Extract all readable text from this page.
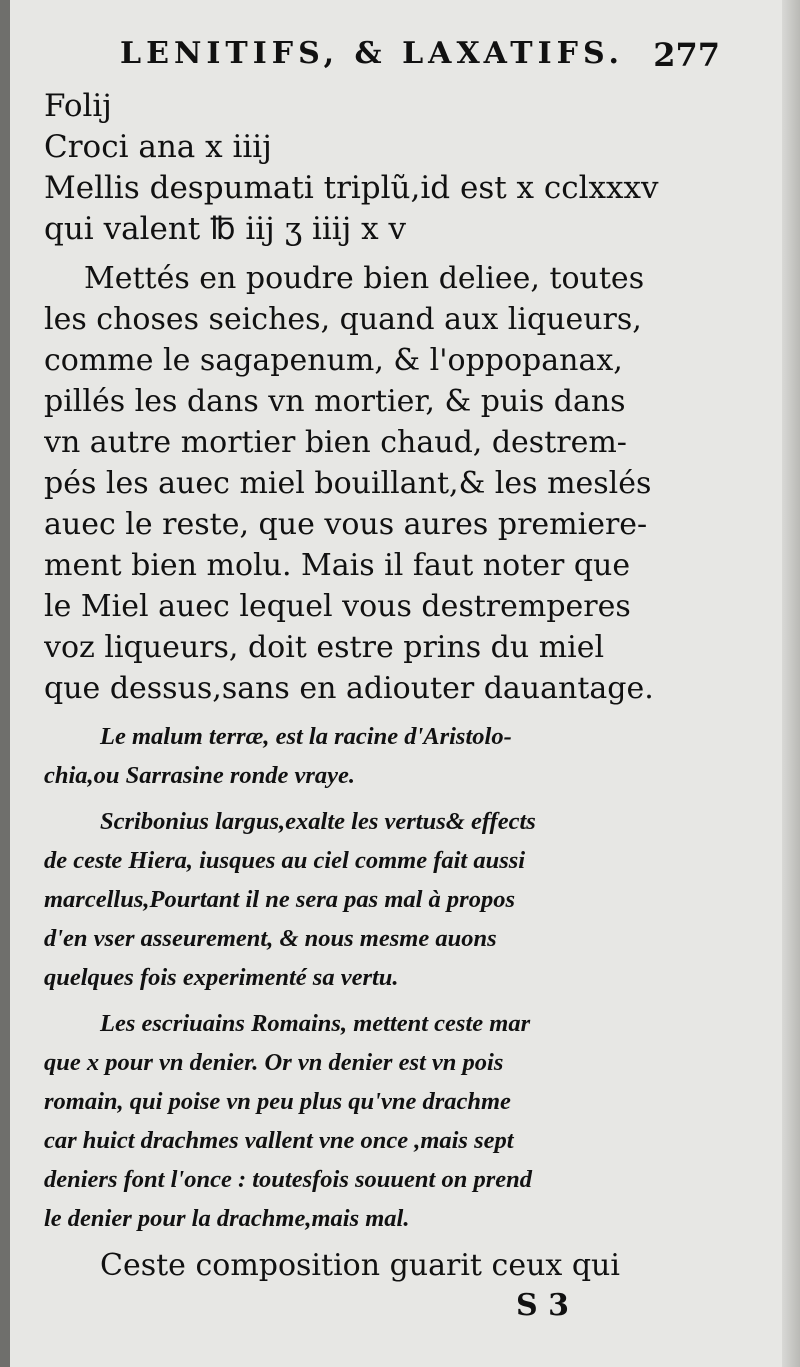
LENITIFS, & LAXATIFS. 277
Folij
Croci ana x iiij
Mellis despumati triplũ,id est x cclxxxv
qui valent ℔ iij ʒ iiij x v
Mettés en poudre bien deliee, toutes
les choses seiches, quand aux liqueurs,
comme le sagapenum, & l'oppopanax,
pillés les dans vn mortier, & puis dans
vn autre mortier bien chaud, destrem-
pés les auec miel bouillant,& les meslés
auec le reste, que vous aures premiere-
ment bien molu. Mais il faut noter que
le Miel auec lequel vous destremperes
voz liqueurs, doit estre prins du miel
que dessus,sans en adiouter dauantage.
Le malum terræ, est la racine d'Aristolo-
chia,ou Sarrasine ronde vraye.
Scribonius largus,exalte les vertus& effects
de ceste Hiera, iusques au ciel comme fait aussi
marcellus,Pourtant il ne sera pas mal à propos
d'en vser asseurement, & nous mesme auons
quelques fois experimenté sa vertu.
Les escriuains Romains, mettent ceste mar
que x pour vn denier. Or vn denier est vn pois
romain, qui poise vn peu plus qu'vne drachme
car huict drachmes vallent vne once ,mais sept
deniers font l'once : toutesfois souuent on prend
le denier pour la drachme,mais mal.
Ceste composition guarit ceux qui
S 3
